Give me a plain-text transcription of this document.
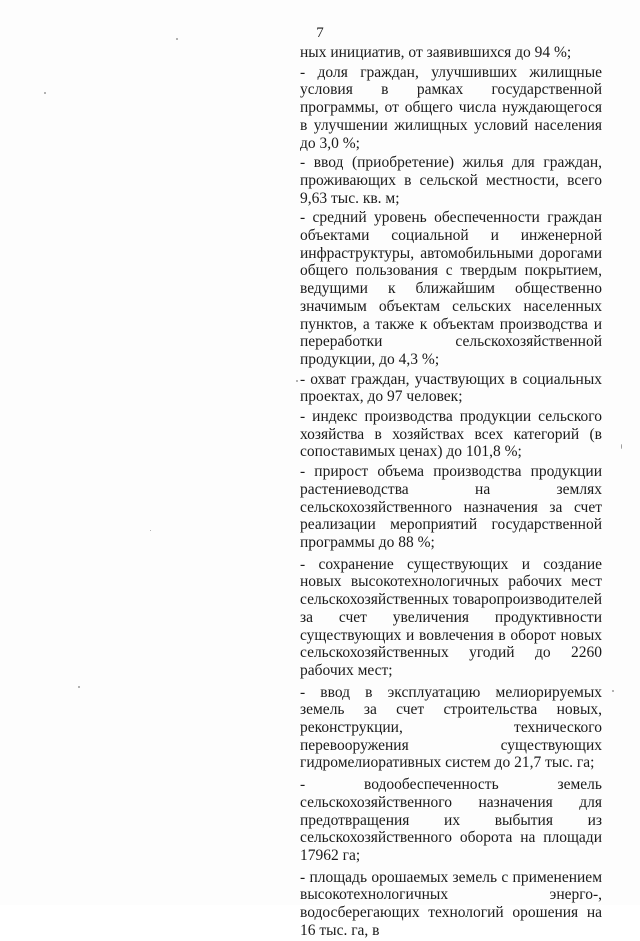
7

ных инициатив, от заявившихся до 94 %;

- доля граждан, улучшивших жилищные условия в рамках государственной программы, от общего числа нуждающегося в улучшении жилищных условий населения до 3,0 %;

- ввод (приобретение) жилья для граждан, проживающих в сельской местности, всего 9,63 тыс. кв. м;

- средний уровень обеспеченности граждан объектами социальной и инженерной инфраструктуры, автомобильными дорогами общего пользования с твердым покрытием, ведущими к ближайшим общественно значимым объектам сельских населенных пунктов, а также к объектам производства и переработки сельскохозяйственной продукции, до 4,3 %;

- охват граждан, участвующих в социальных проектах, до 97 человек;

- индекс производства продукции сельского хозяйства в хозяйствах всех категорий (в сопоставимых ценах) до 101,8 %;

- прирост объема производства продукции растениеводства на землях сельскохозяйственного назначения за счет реализации мероприятий государственной программы до 88 %;

- сохранение существующих и создание новых высокотехнологичных рабочих мест сельскохозяйственных товаропроизводителей за счет увеличения продуктивности существующих и вовлечения в оборот новых сельскохозяйственных угодий до 2260 рабочих мест;

- ввод в эксплуатацию мелиорируемых земель за счет строительства новых, реконструкции, технического перевооружения существующих гидромелиоративных систем до 21,7 тыс. га;

- водообеспеченность земель сельскохозяйственного назначения для предотвращения их выбытия из сельскохозяйственного оборота на площади 17962 га;

- площадь орошаемых земель с применением высокотехнологичных энерго-, водосберегающих технологий орошения на 16 тыс. га, в
